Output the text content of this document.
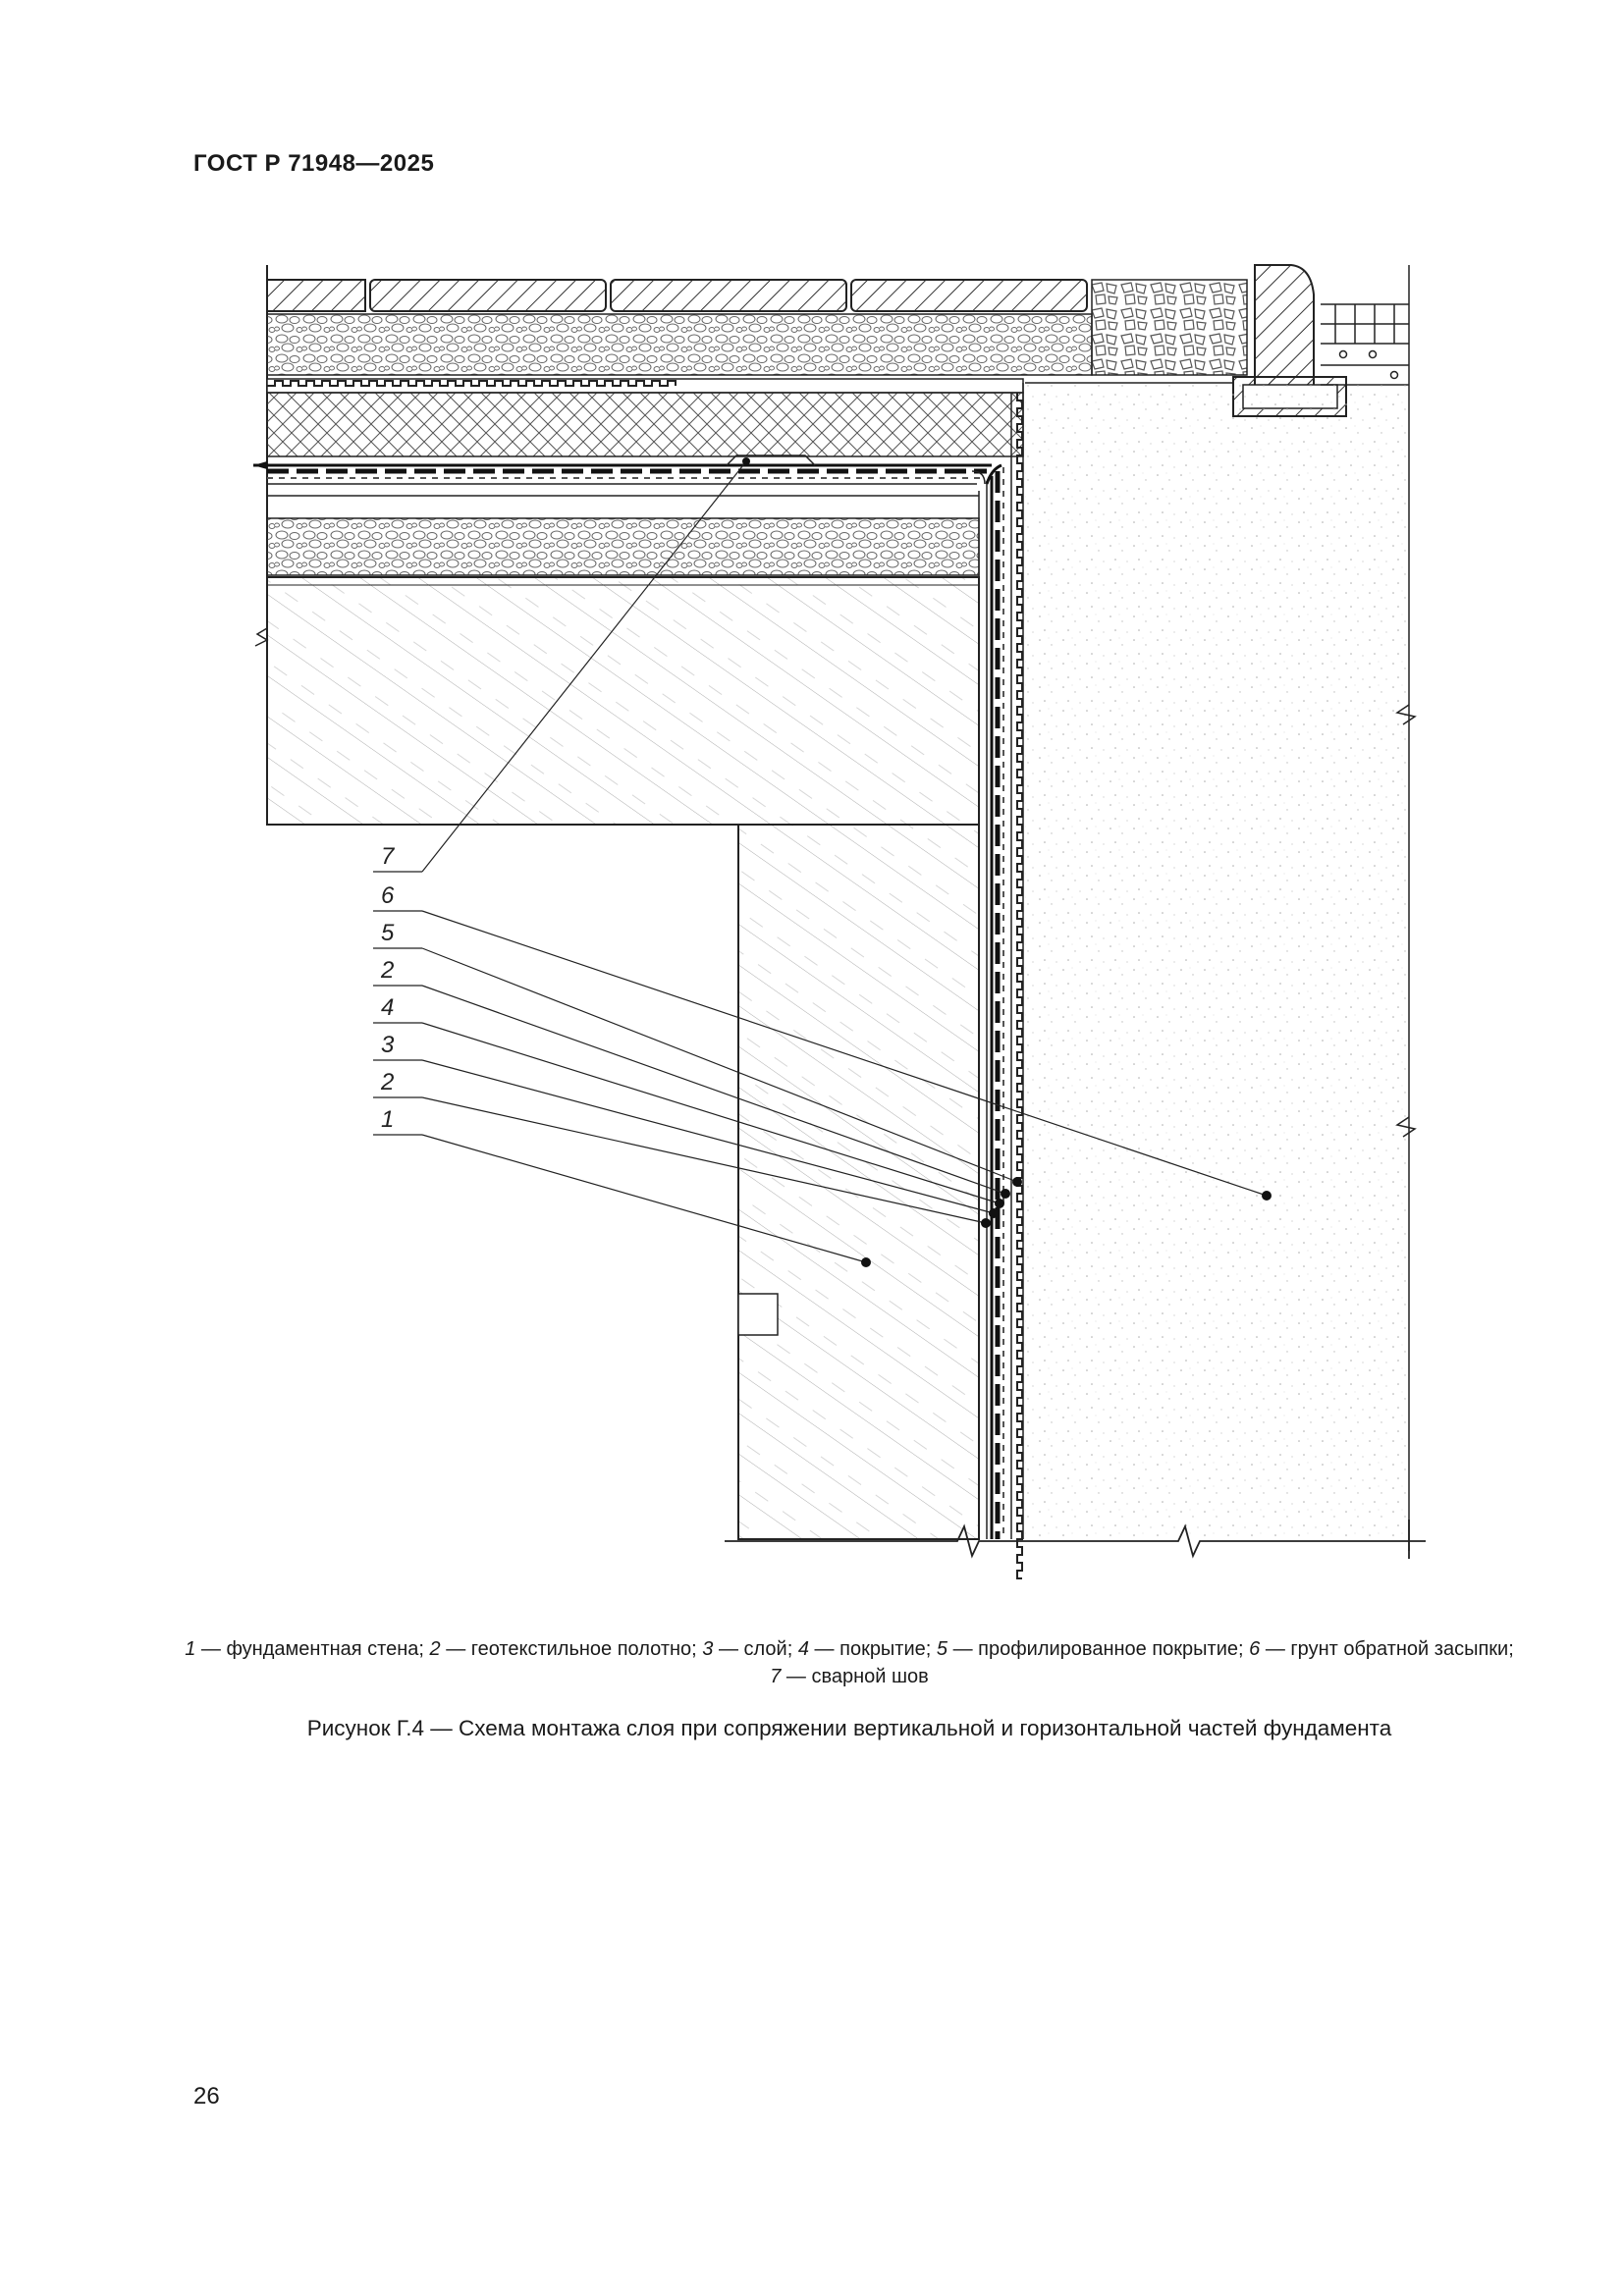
ГОСТ Р 71948—2025
7
6
5
2
4
3
2
1
1 — фундаментная стена; 2 — геотекстильное полотно; 3 — слой; 4 — покрытие; 5 — профилированное покрытие; 6 — грунт обратной засыпки; 7 — сварной шов
Рисунок Г.4 — Схема монтажа слоя при сопряжении вертикальной и горизонтальной частей фундамента
26
